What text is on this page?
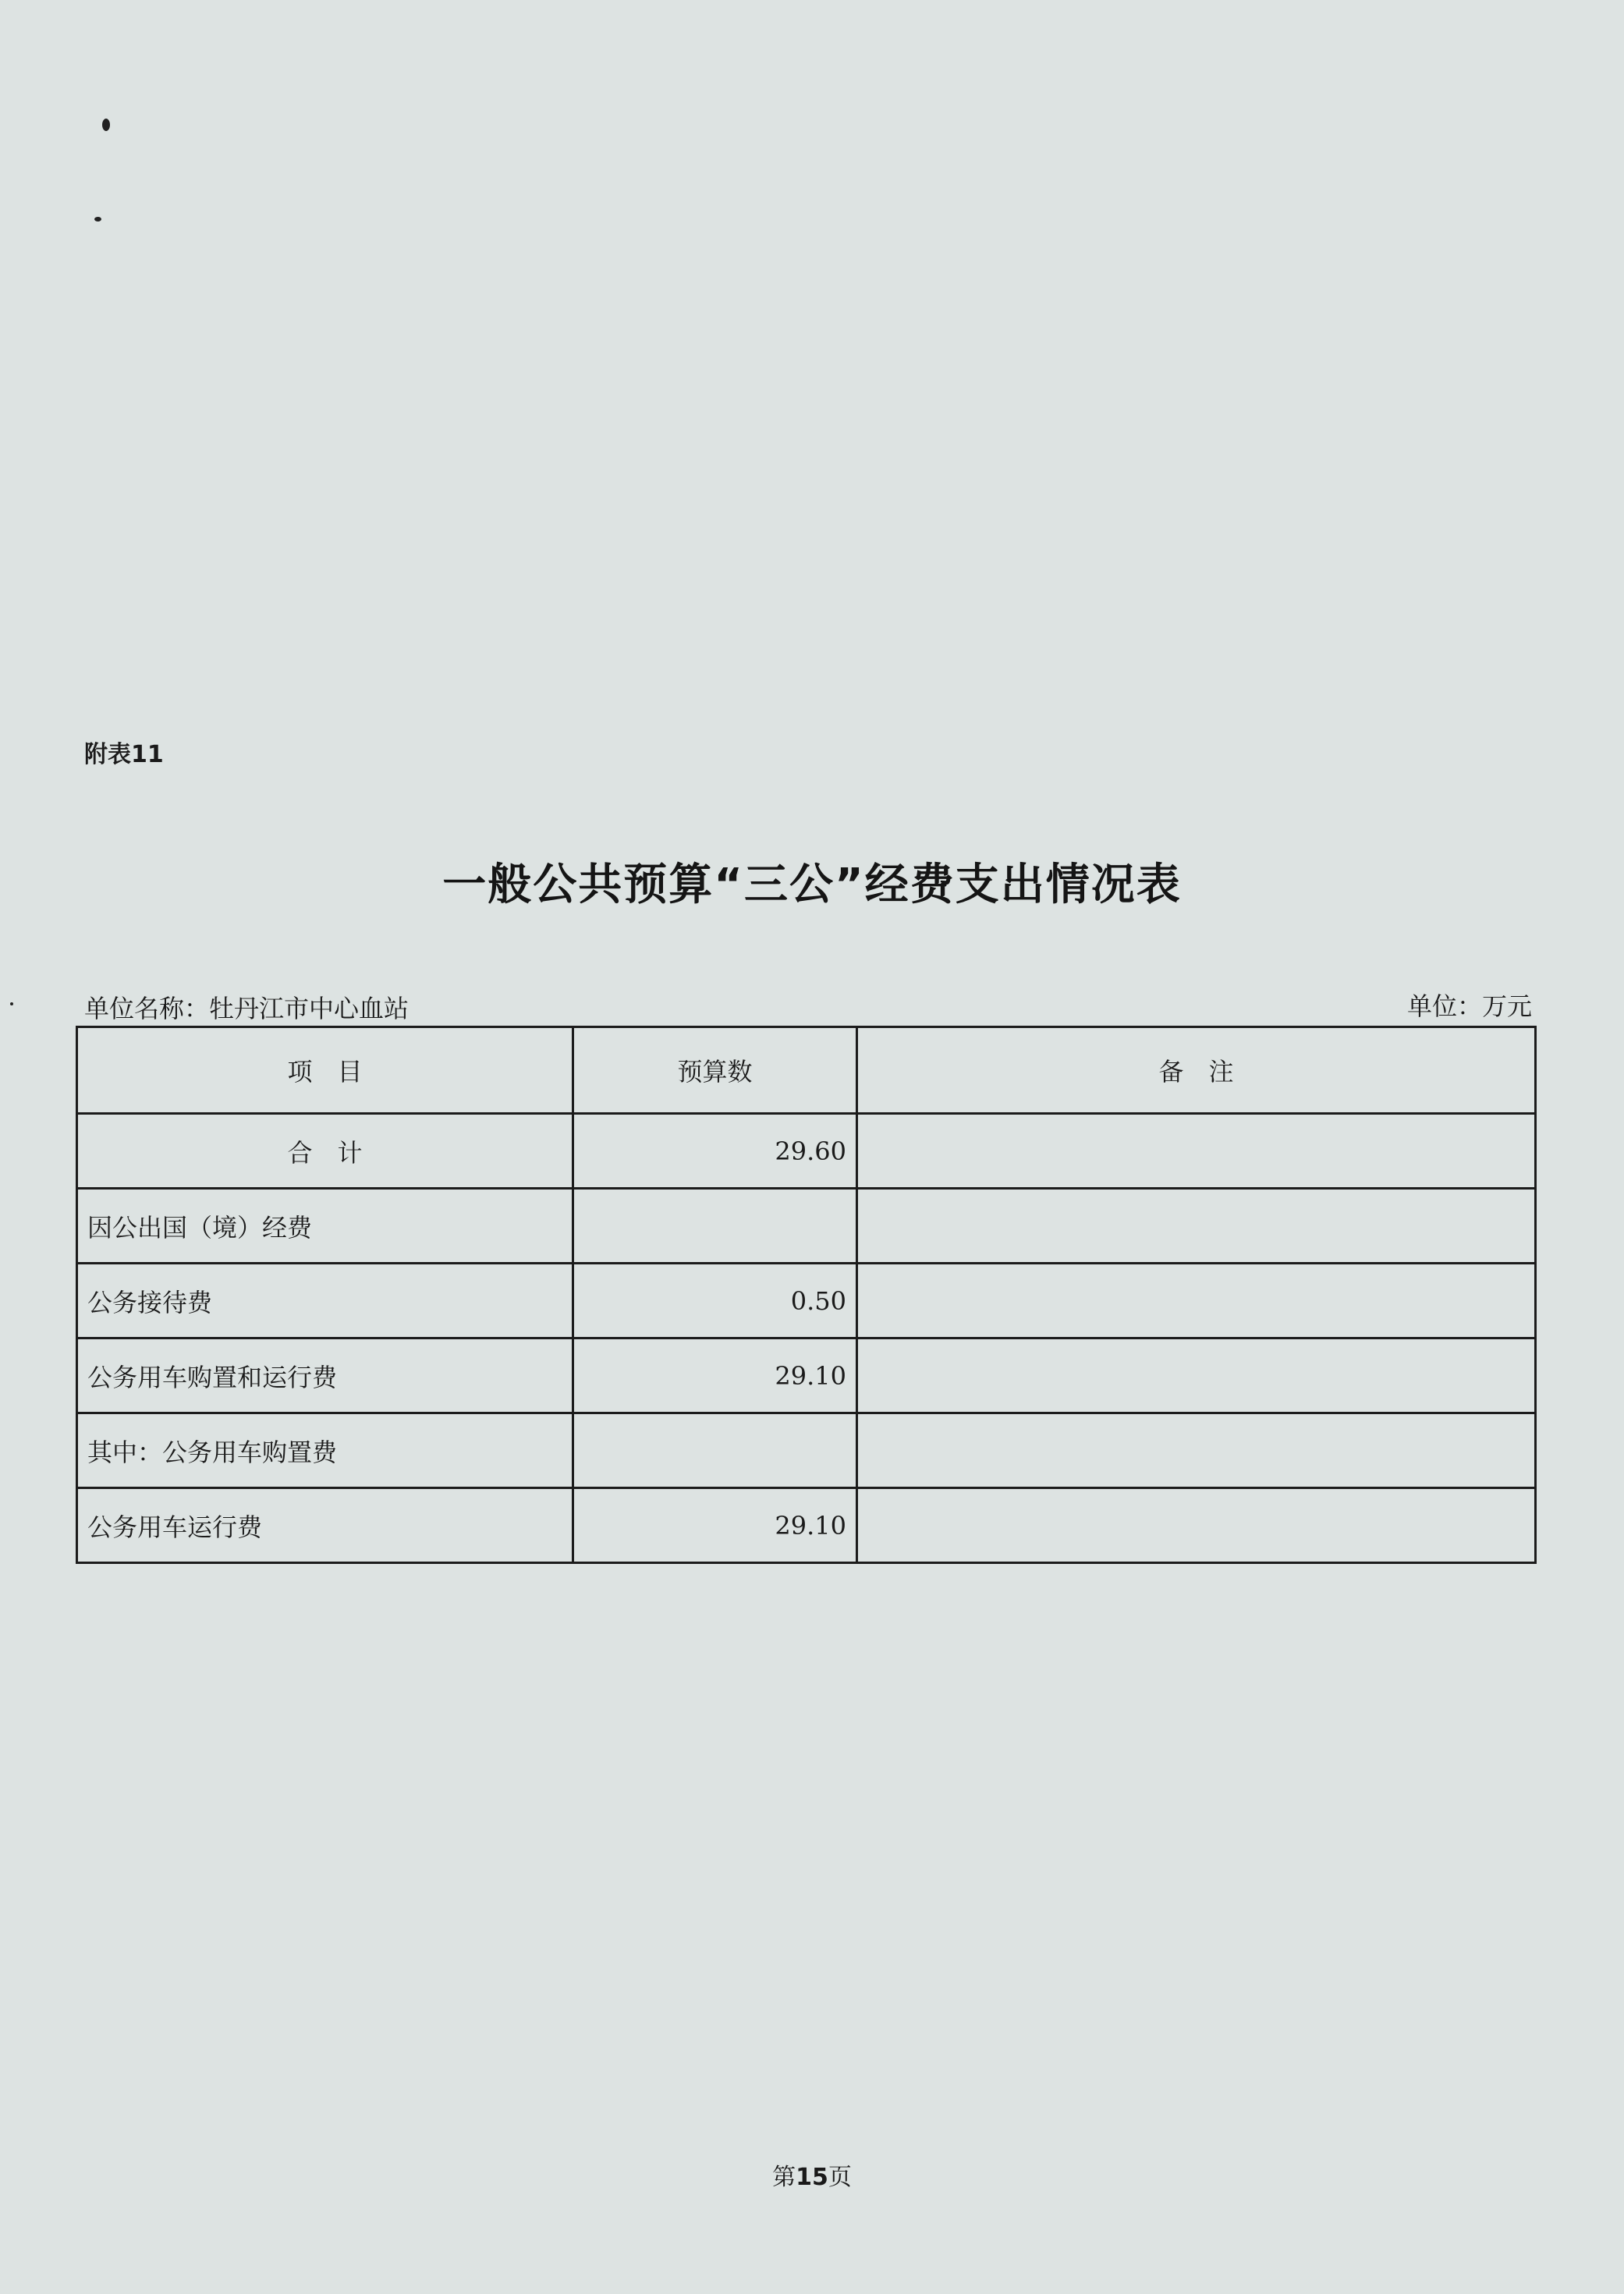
附表11
一般公共预算“三公”经费支出情况表
单位名称：牡丹江市中心血站	单位：万元
项　目	预算数	备　注
合　计	29.60	
因公出国（境）经费		
公务接待费	0.50	
公务用车购置和运行费	29.10	
其中：公务用车购置费		
公务用车运行费	29.10	
第15页
